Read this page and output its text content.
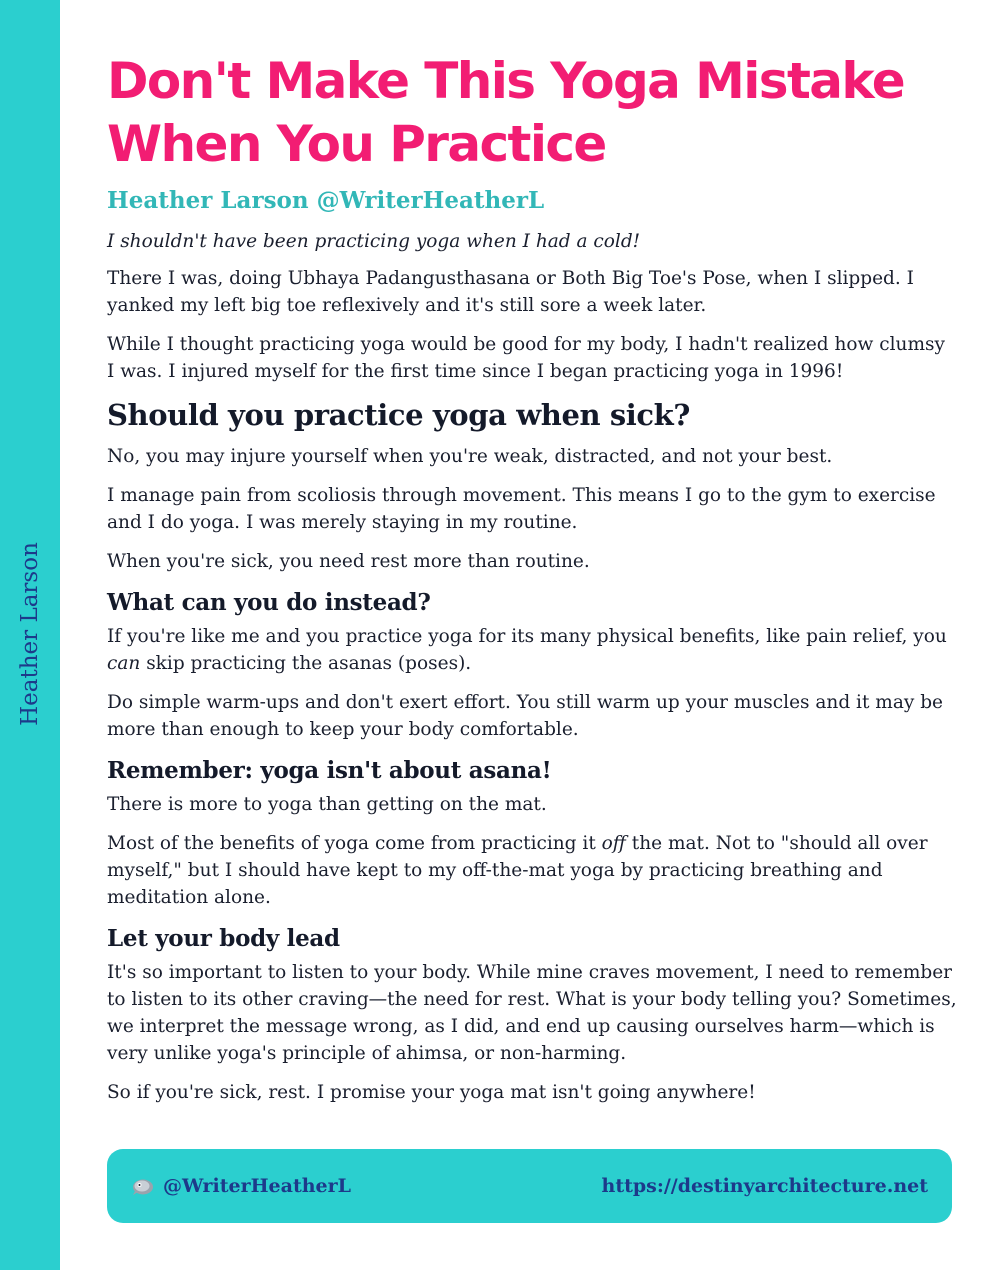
Heather Larson
Don't Make This Yoga Mistake
When You Practice
Heather Larson @WriterHeatherL

I shouldn't have been practicing yoga when I had a cold!

There I was, doing Ubhaya Padangusthasana or Both Big Toe's Pose, when I slipped. I yanked my left big toe reflexively and it's still sore a week later.

While I thought practicing yoga would be good for my body, I hadn't realized how clumsy I was. I injured myself for the first time since I began practicing yoga in 1996!

Should you practice yoga when sick?

No, you may injure yourself when you're weak, distracted, and not your best.

I manage pain from scoliosis through movement. This means I go to the gym to exercise and I do yoga. I was merely staying in my routine.

When you're sick, you need rest more than routine.

What can you do instead?

If you're like me and you practice yoga for its many physical benefits, like pain relief, you can skip practicing the asanas (poses).

Do simple warm-ups and don't exert effort. You still warm up your muscles and it may be more than enough to keep your body comfortable.

Remember: yoga isn't about asana!

There is more to yoga than getting on the mat.

Most of the benefits of yoga come from practicing it off the mat. Not to "should all over myself," but I should have kept to my off-the-mat yoga by practicing breathing and meditation alone.

Let your body lead

It's so important to listen to your body. While mine craves movement, I need to remember to listen to its other craving—the need for rest. What is your body telling you? Sometimes, we interpret the message wrong, as I did, and end up causing ourselves harm—which is very unlike yoga's principle of ahimsa, or non-harming.

So if you're sick, rest. I promise your yoga mat isn't going anywhere!

@WriterHeatherL	https://destinyarchitecture.net
